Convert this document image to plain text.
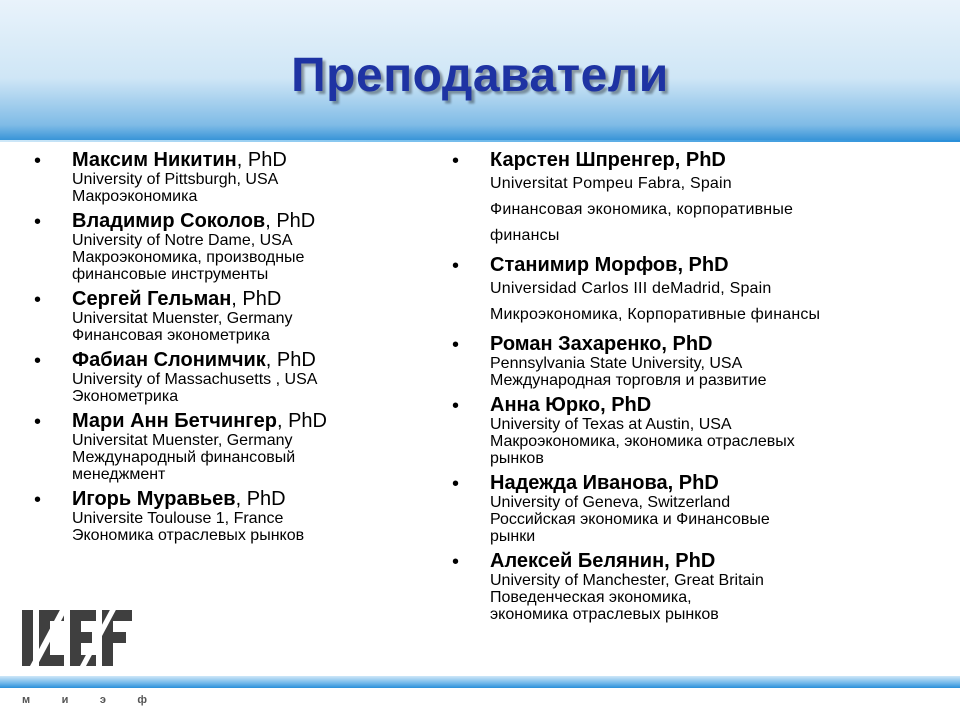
Преподаватели
•	Максим Никитин, PhD
University of Pittsburgh, USA
Макроэкономика
•	Владимир Соколов, PhD
University of Notre Dame, USA
Макроэкономика, производные
финансовые инструменты
•	Сергей Гельман, PhD
Universitat Muenster, Germany
Финансовая эконометрика
•	Фабиан Слонимчик, PhD
University of Massachusetts , USA
Эконометрика
•	Мари Анн Бетчингер, PhD
Universitat Muenster, Germany
Международный финансовый
менеджмент
•	Игорь Муравьев, PhD
Universite Toulouse 1, France
Экономика отраслевых рынков
•	Карстен Шпренгер, PhD
Universitat Pompeu Fabra, Spain
Финансовая экономика, корпоративные
финансы
•	Станимир Морфов, PhD
Universidad Carlos III deMadrid, Spain
Микроэкономика, Корпоративные финансы
•	Роман Захаренко, PhD
Pennsylvania State University, USA
Международная торговля и развитие
•	Анна Юрко, PhD
University of Texas at Austin, USA
Макроэкономика, экономика отраслевых
рынков
•	Надежда Иванова, PhD
University of Geneva, Switzerland
Российская экономика и Финансовые
рынки
•	Алексей Белянин, PhD
University of Manchester, Great Britain
Поведенческая экономика,
экономика отраслевых рынков
м	и	э	ф
